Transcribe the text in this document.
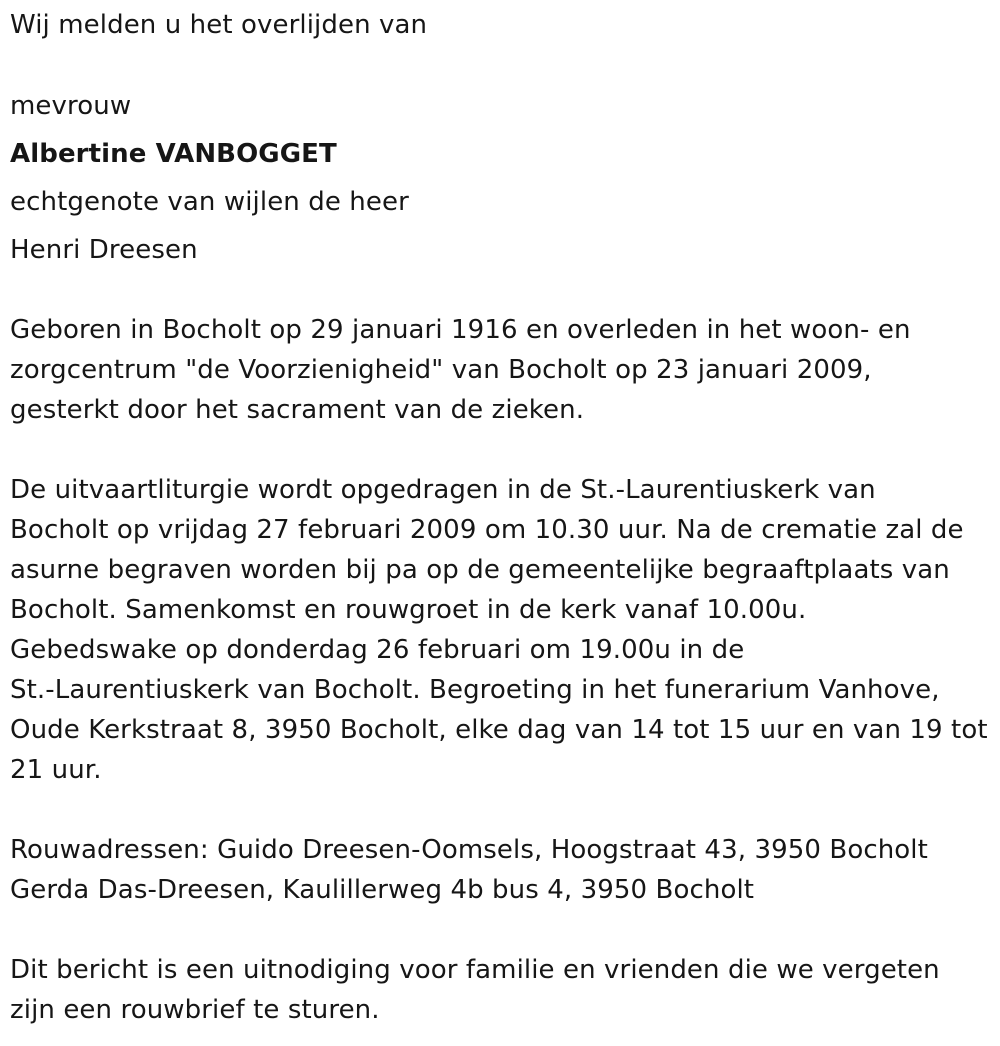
Wij melden u het overlijden van
mevrouw
Albertine VANBOGGET
echtgenote van wijlen de heer
Henri Dreesen
Geboren in Bocholt op 29 januari 1916 en overleden in het woon- en
zorgcentrum "de Voorzienigheid" van Bocholt op 23 januari 2009,
gesterkt door het sacrament van de zieken.
De uitvaartliturgie wordt opgedragen in de St.-Laurentiuskerk van
Bocholt op vrijdag 27 februari 2009 om 10.30 uur. Na de crematie zal de
asurne begraven worden bij pa op de gemeentelijke begraaftplaats van
Bocholt. Samenkomst en rouwgroet in de kerk vanaf 10.00u.
Gebedswake op donderdag 26 februari om 19.00u in de
St.-Laurentiuskerk van Bocholt. Begroeting in het funerarium Vanhove,
Oude Kerkstraat 8, 3950 Bocholt, elke dag van 14 tot 15 uur en van 19 tot
21 uur.
Rouwadressen: Guido Dreesen-Oomsels, Hoogstraat 43, 3950 Bocholt
Gerda Das-Dreesen, Kaulillerweg 4b bus 4, 3950 Bocholt
Dit bericht is een uitnodiging voor familie en vrienden die we vergeten
zijn een rouwbrief te sturen.
